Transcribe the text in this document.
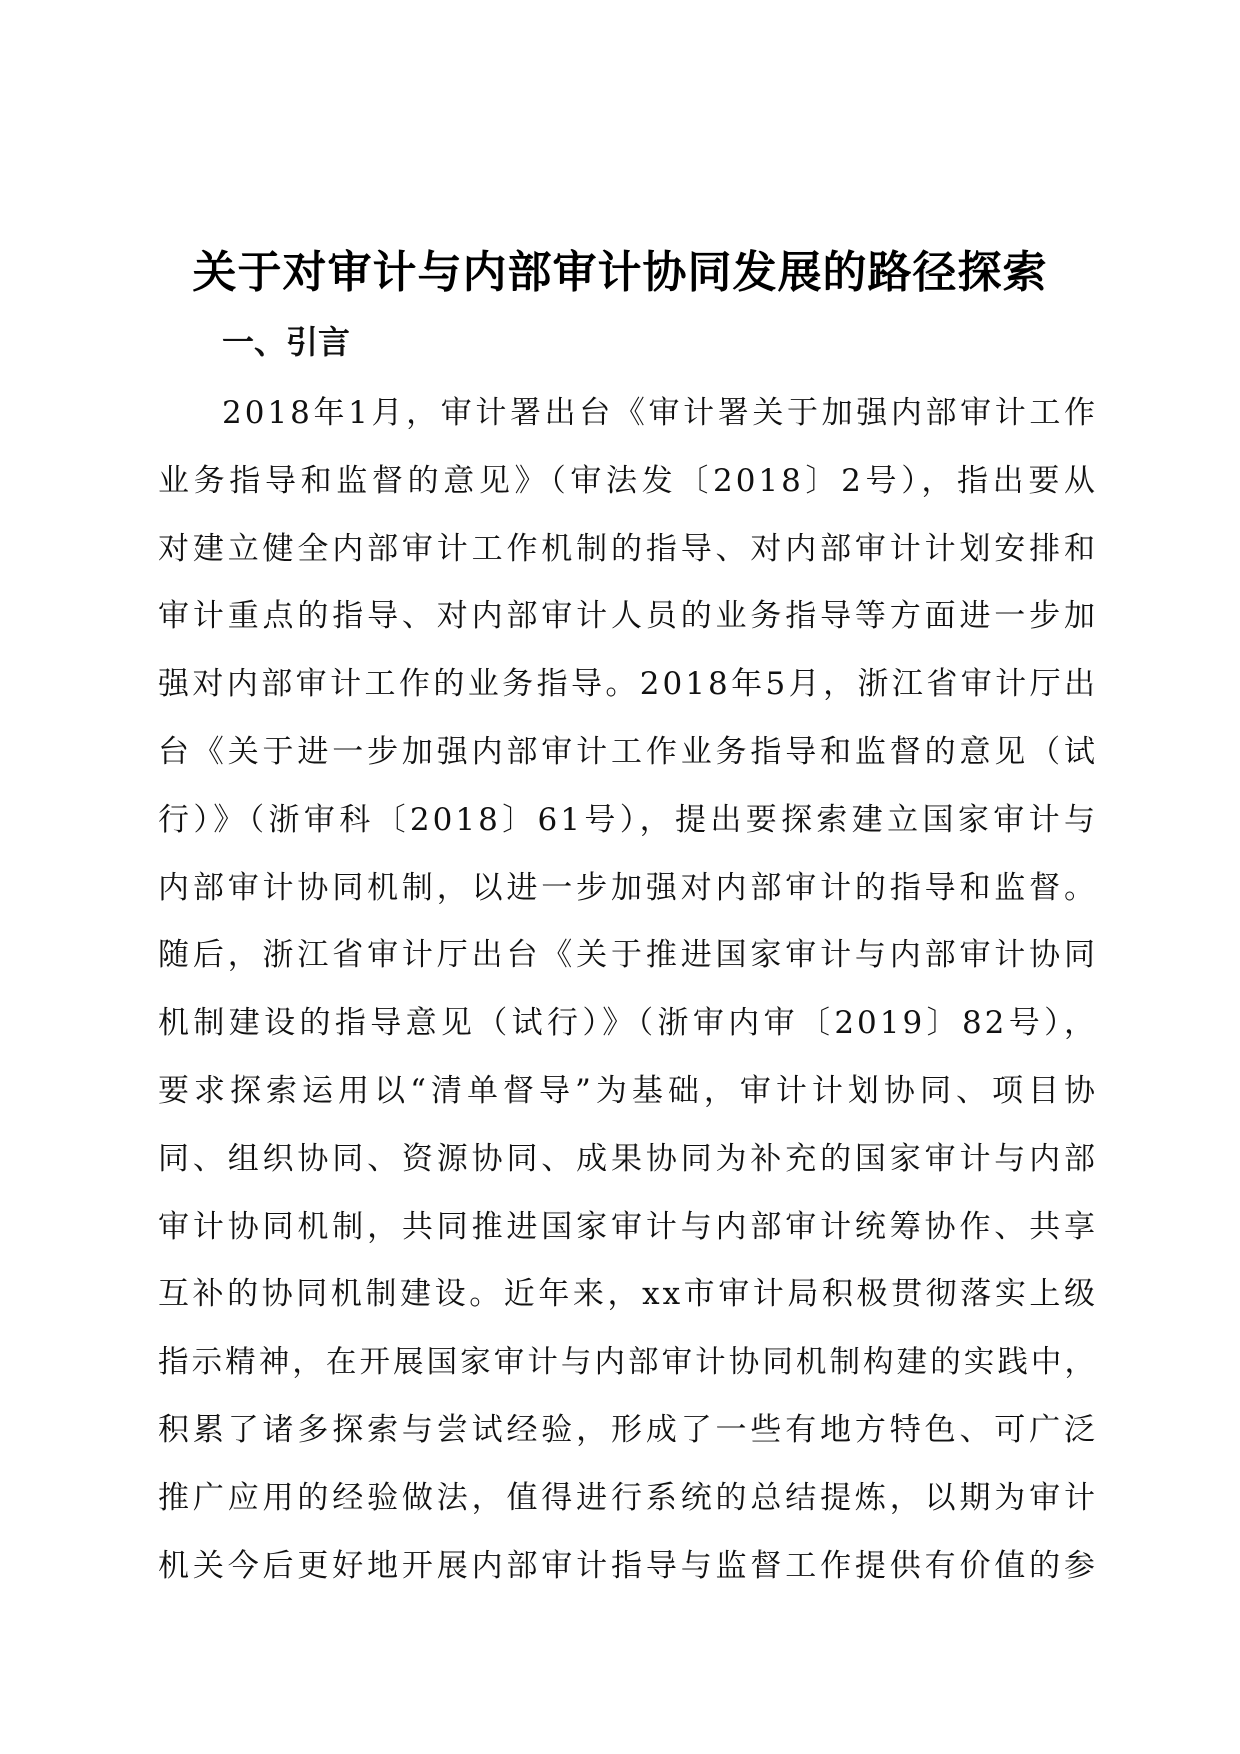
关于对审计与内部审计协同发展的路径探索
一、引言
2018年1月，审计署出台《审计署关于加强内部审计工作
业务指导和监督的意见》（审法发〔2018〕2号），指出要从
对建立健全内部审计工作机制的指导、对内部审计计划安排和
审计重点的指导、对内部审计人员的业务指导等方面进一步加
强对内部审计工作的业务指导。2018年5月，浙江省审计厅出
台《关于进一步加强内部审计工作业务指导和监督的意见（试
行）》（浙审科〔2018〕61号），提出要探索建立国家审计与
内部审计协同机制，以进一步加强对内部审计的指导和监督。
随后，浙江省审计厅出台《关于推进国家审计与内部审计协同
机制建设的指导意见（试行）》（浙审内审〔2019〕82号），
要求探索运用以“清单督导”为基础，审计计划协同、项目协
同、组织协同、资源协同、成果协同为补充的国家审计与内部
审计协同机制，共同推进国家审计与内部审计统筹协作、共享
互补的协同机制建设。近年来，xx市审计局积极贯彻落实上级
指示精神，在开展国家审计与内部审计协同机制构建的实践中，
积累了诸多探索与尝试经验，形成了一些有地方特色、可广泛
推广应用的经验做法，值得进行系统的总结提炼，以期为审计
机关今后更好地开展内部审计指导与监督工作提供有价值的参
